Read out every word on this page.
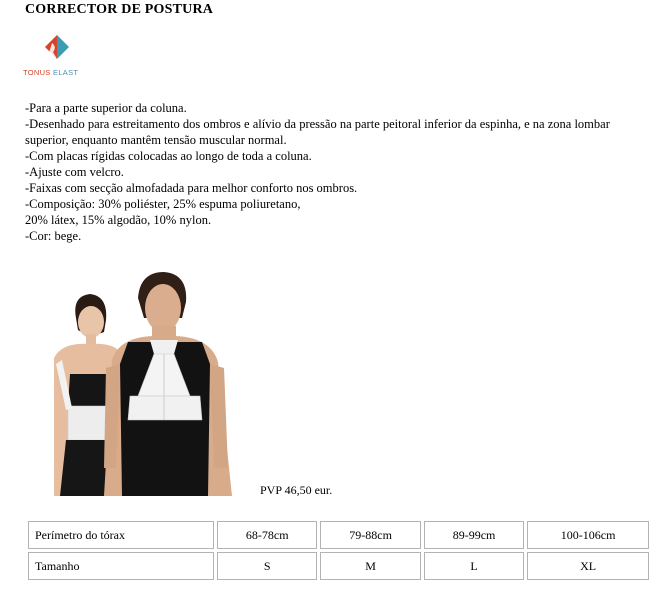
CORRECTOR DE POSTURA
TONUS ELAST

-Para a parte superior da coluna.

-Desenhado para estreitamento dos ombros e alívio da pressão na parte peitoral inferior da espinha, e na zona lombar superior, enquanto mantêm tensão muscular normal.

-Com placas rígidas colocadas ao longo de toda a coluna.

-Ajuste com velcro.

-Faixas com secção almofadada para melhor conforto nos ombros.

-Composição: 30% poliéster, 25% espuma poliuretano,

20% látex, 15% algodão, 10% nylon.

-Cor: bege.

PVP 46,50 eur.
Perímetro do tórax	68-78cm	79-88cm	89-99cm	100-106cm
Tamanho	S	M	L	XL
